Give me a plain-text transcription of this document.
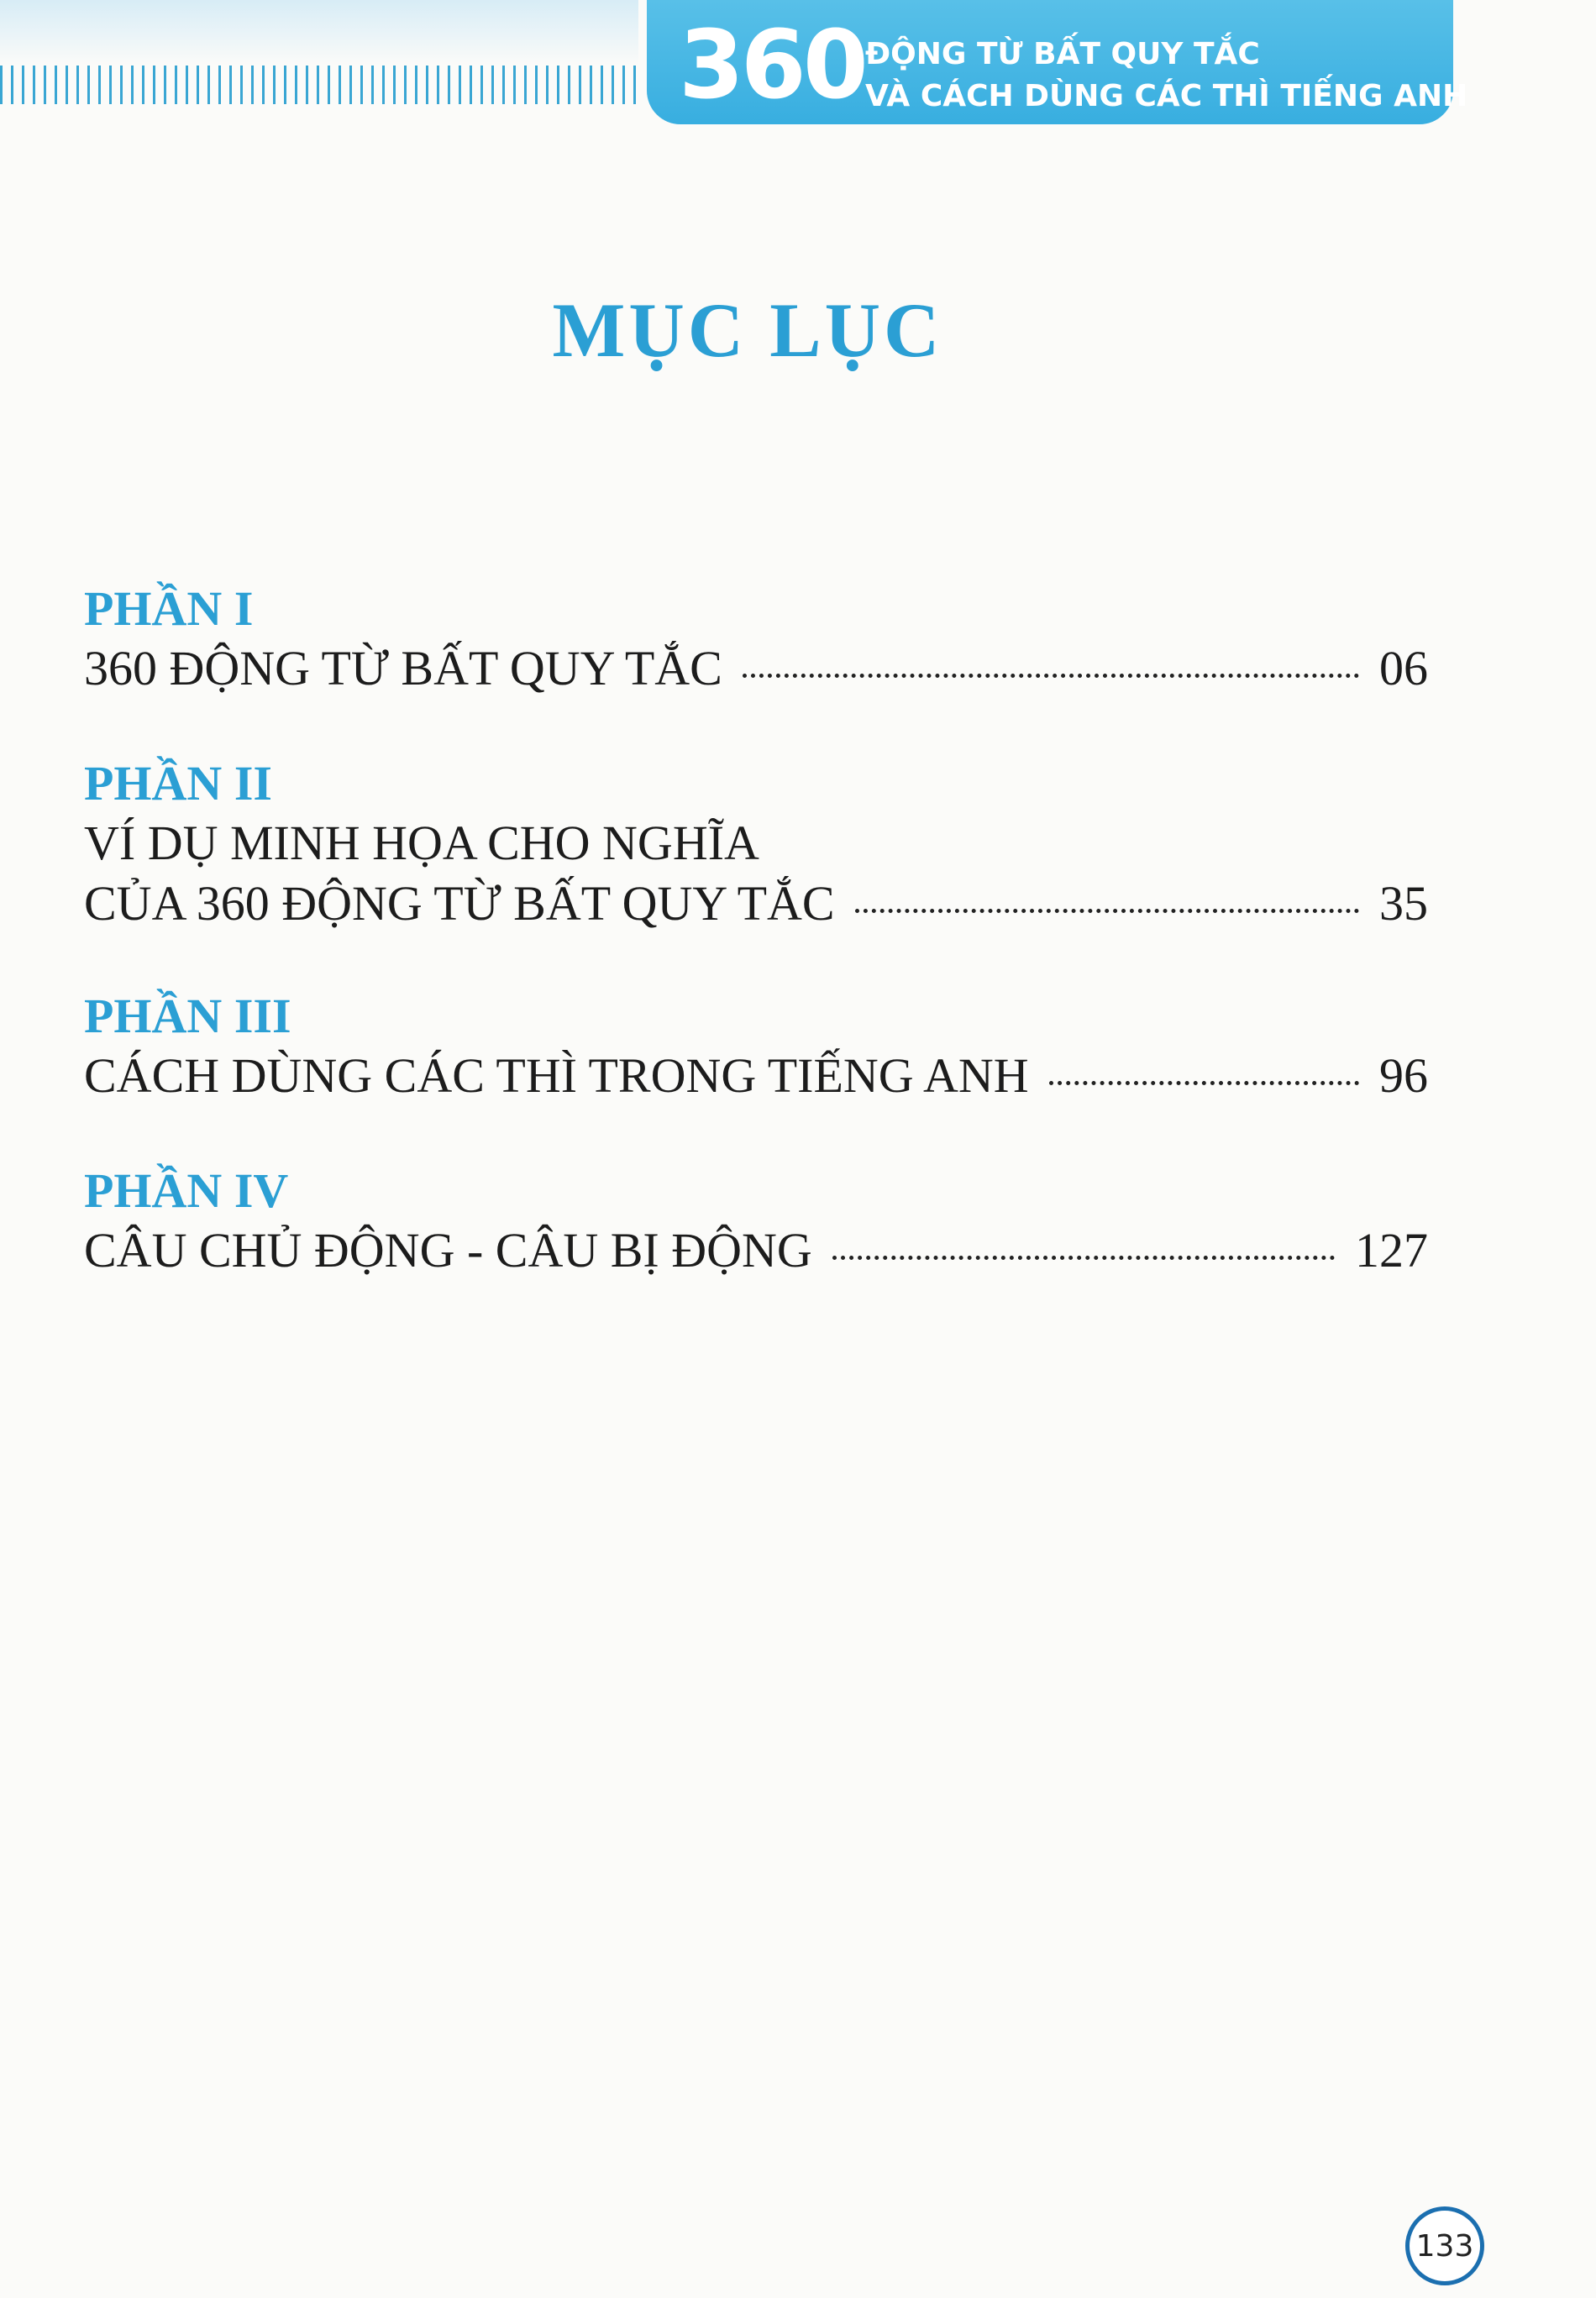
360 ĐỘNG TỪ BẤT QUY TẮC
VÀ CÁCH DÙNG CÁC THÌ TIẾNG ANH
MỤC LỤC

PHẦN I

360 ĐỘNG TỪ BẤT QUY TẮC	06

PHẦN II

VÍ DỤ MINH HỌA CHO NGHĨA

CỦA 360 ĐỘNG TỪ BẤT QUY TẮC	35

PHẦN III

CÁCH DÙNG CÁC THÌ TRONG TIẾNG ANH	96

PHẦN IV

CÂU CHỦ ĐỘNG - CÂU BỊ ĐỘNG	127
133
